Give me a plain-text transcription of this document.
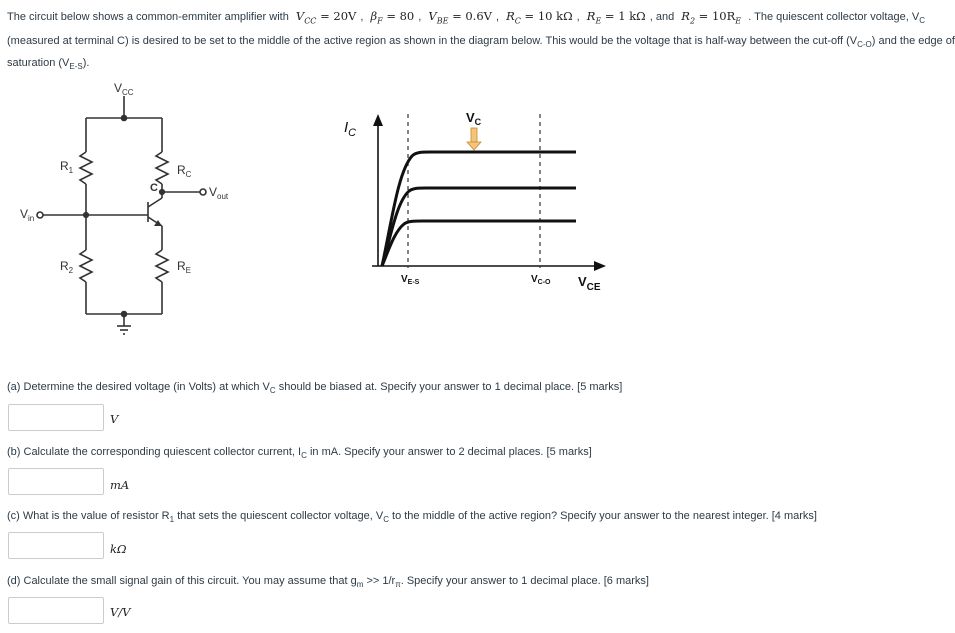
The circuit below shows a common-emmiter amplifier with $V_{CC} = 20V$ , $\beta_F = 80$ , $V_{BE} = 0.6V$ , $R_C = 10$ kΩ , $R_E = 1$ kΩ , and $R_2 = 10R_E$ . The quiescent collector voltage, $V_C$
(measured at terminal C) is desired to be set to the middle of the active region as shown in the diagram below. This would be the voltage that is half-way between the cut-off $(V_{C-O})$ and the edge of
saturation $(V_{E-S})$.
$V_{CC}$
$R_1$
$R_2$
$R_C$
$R_E$
C	$V_{out}$
$V_{in}$
$I_C$
$V_C$
$V_{E-S}$	$V_{C-O}$ $V_{CE}$
(a) Determine the desired voltage (in Volts) at which $V_C$ should be biased at. Specify your answer to 1 decimal place. [5 marks]
V
(b) Calculate the corresponding quiescent collector current, $I_C$ in mA. Specify your answer to 2 decimal places. [5 marks]
mA
(c) What is the value of resistor $R_1$ that sets the quiescent collector voltage, $V_C$ to the middle of the active region? Specify your answer to the nearest integer. [4 marks]
kΩ
(d) Calculate the small signal gain of this circuit. You may assume that $g_m >> 1/r_\pi$. Specify your answer to 1 decimal place. [6 marks]
V/V
